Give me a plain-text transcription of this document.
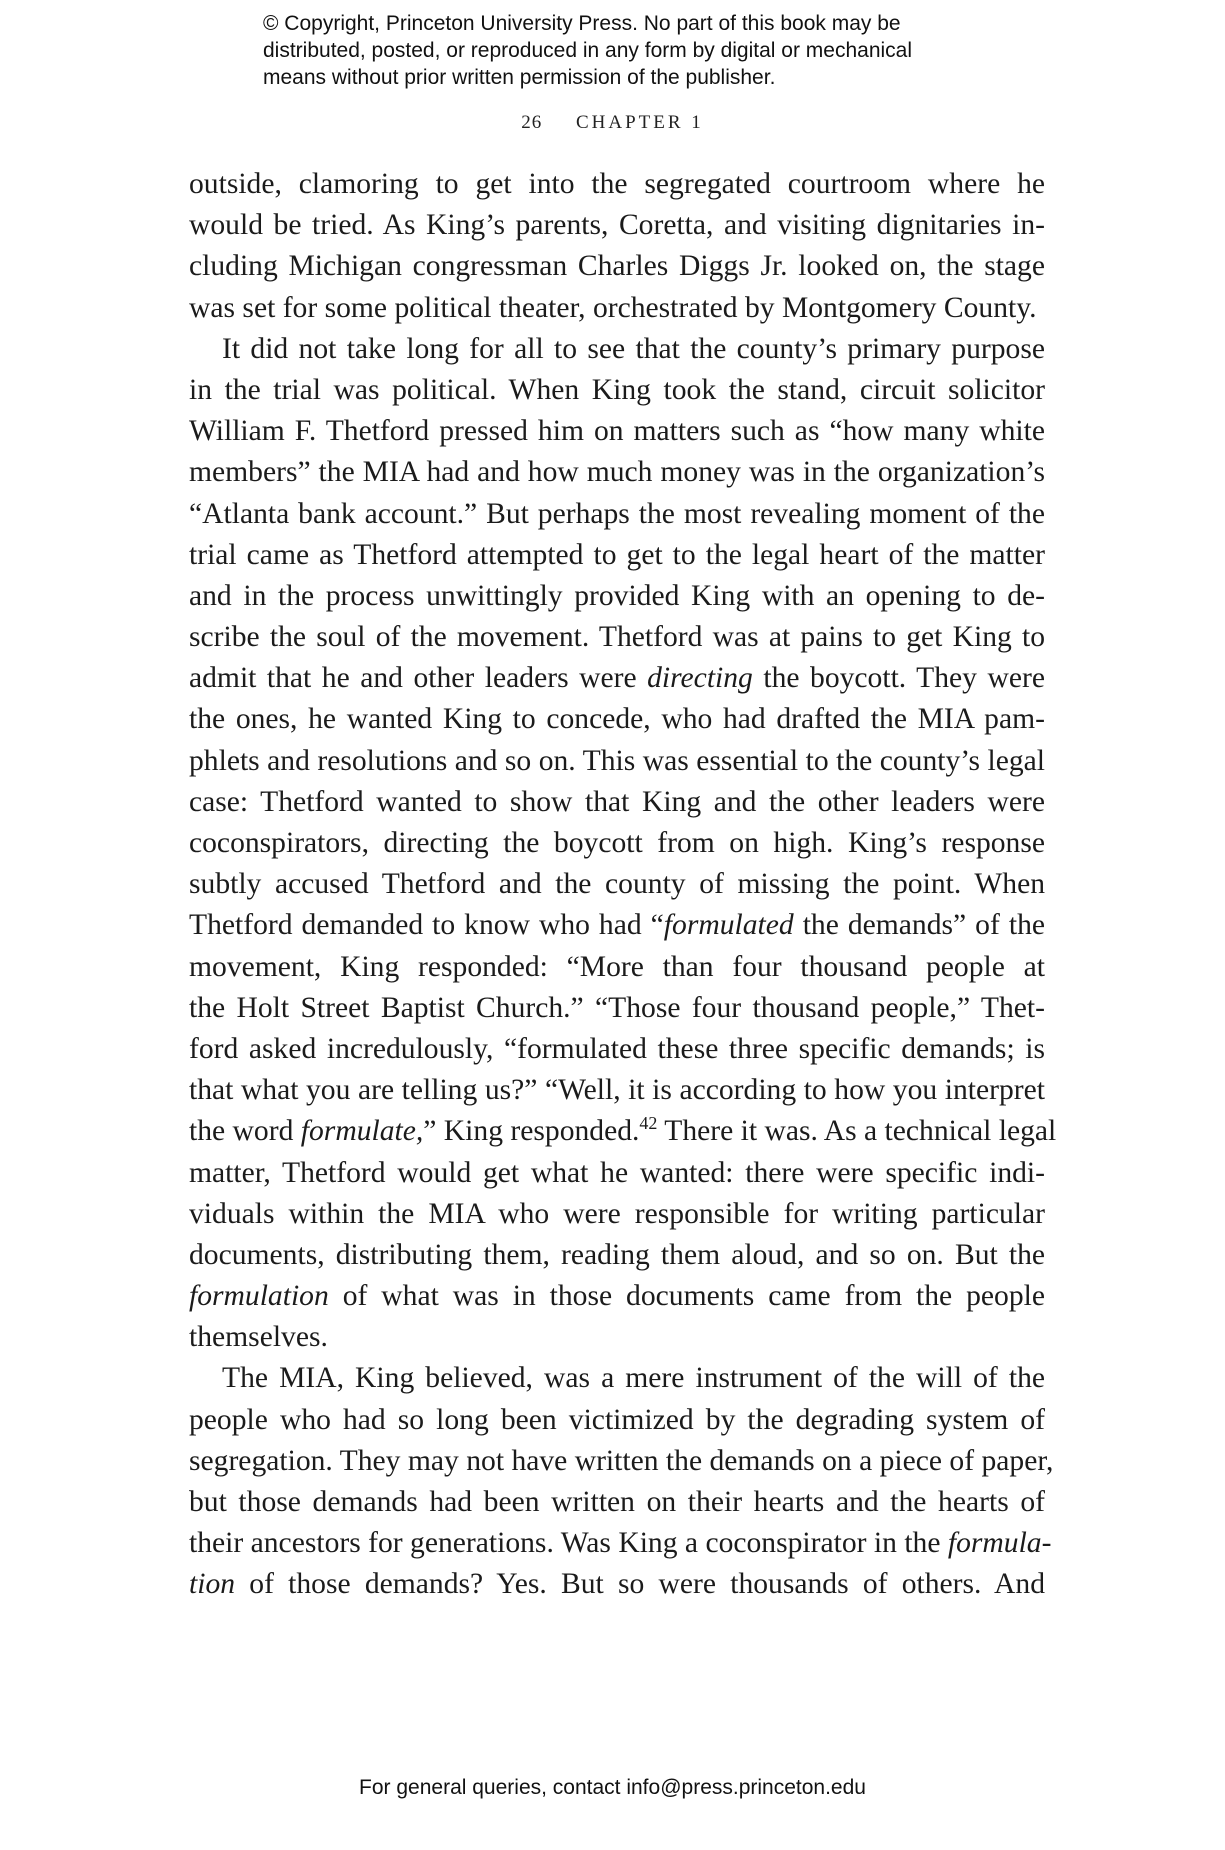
© Copyright, Princeton University Press. No part of this book may be
distributed, posted, or reproduced in any form by digital or mechanical
means without prior written permission of the publisher.
26 CHAPTER 1
outside, clamoring to get into the segregated courtroom where he
would be tried. As King’s parents, Coretta, and visiting dignitaries in-
cluding Michigan congressman Charles Diggs Jr. looked on, the stage
was set for some political theater, orchestrated by Montgomery County.
It did not take long for all to see that the county’s primary purpose
in the trial was political. When King took the stand, circuit solicitor
William F. Thetford pressed him on matters such as “how many white
members” the MIA had and how much money was in the organization’s
“Atlanta bank account.” But perhaps the most revealing moment of the
trial came as Thetford attempted to get to the legal heart of the matter
and in the process unwittingly provided King with an opening to de-
scribe the soul of the movement. Thetford was at pains to get King to
admit that he and other leaders were directing the boycott. They were
the ones, he wanted King to concede, who had drafted the MIA pam-
phlets and resolutions and so on. This was essential to the county’s legal
case: Thetford wanted to show that King and the other leaders were
coconspirators, directing the boycott from on high. King’s response
subtly accused Thetford and the county of missing the point. When
Thetford demanded to know who had “formulated the demands” of the
movement, King responded: “More than four thousand people at
the Holt Street Baptist Church.” “Those four thousand people,” Thet-
ford asked incredulously, “formulated these three specific demands; is
that what you are telling us?” “Well, it is according to how you interpret
the word formulate,” King responded.$^{42}$ There it was. As a technical legal
matter, Thetford would get what he wanted: there were specific indi-
viduals within the MIA who were responsible for writing particular
documents, distributing them, reading them aloud, and so on. But the
formulation of what was in those documents came from the people
themselves.
The MIA, King believed, was a mere instrument of the will of the
people who had so long been victimized by the degrading system of
segregation. They may not have written the demands on a piece of paper,
but those demands had been written on their hearts and the hearts of
their ancestors for generations. Was King a coconspirator in the formula-
tion of those demands? Yes. But so were thousands of others. And
For general queries, contact info@press.princeton.edu
